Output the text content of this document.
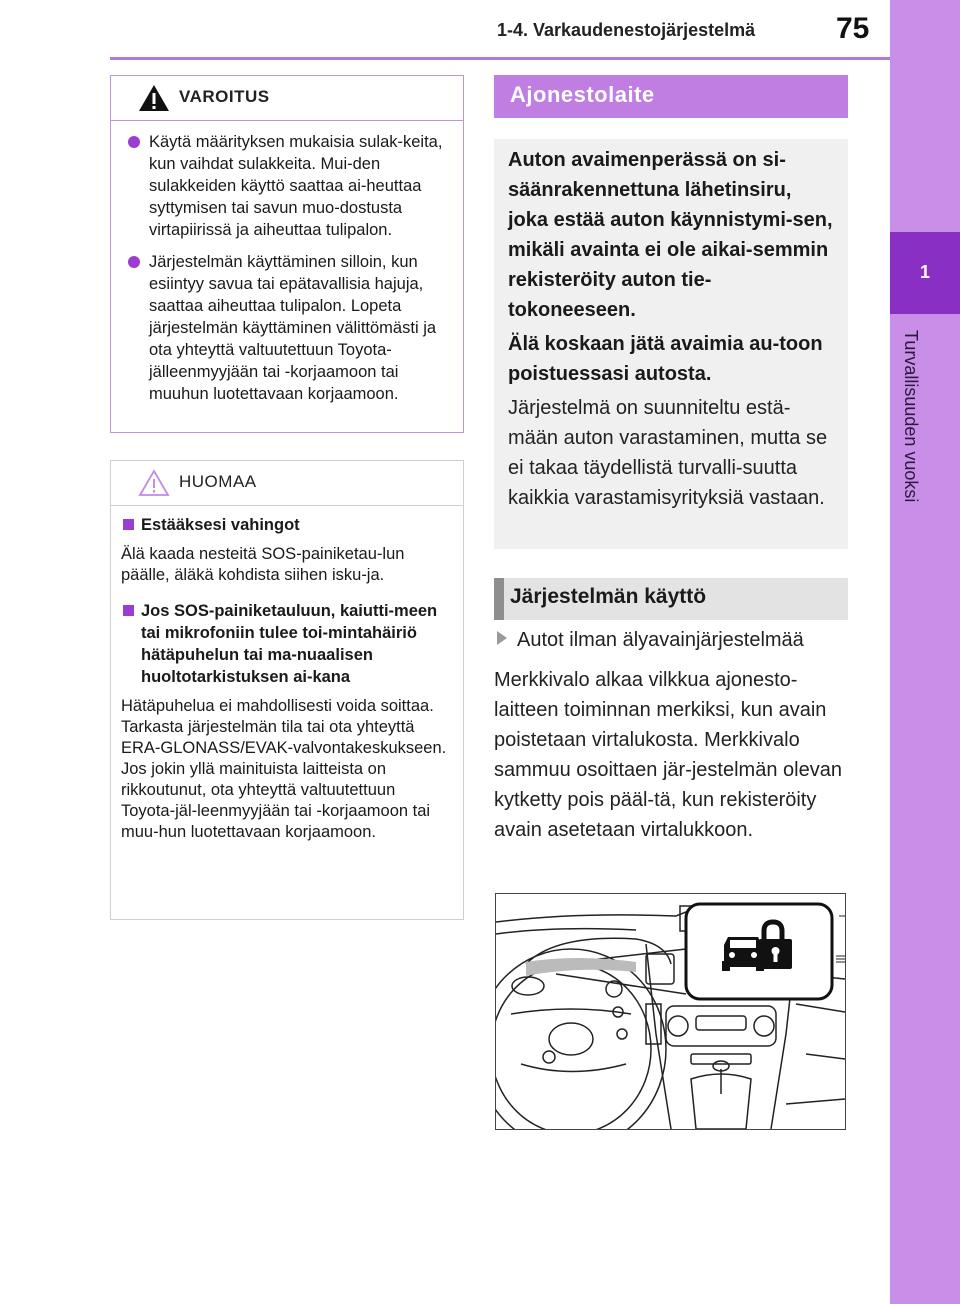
1-4. Varkaudenestojärjestelmä	75
1
Turvallisuuden vuoksi
VAROITUS
Käytä määrityksen mukaisia sulak-keita, kun vaihdat sulakkeita. Mui-den sulakkeiden käyttö saattaa ai-heuttaa syttymisen tai savun muo-dostusta virtapiirissä ja aiheuttaa tulipalon.
Järjestelmän käyttäminen silloin, kun esiintyy savua tai epätavallisia hajuja, saattaa aiheuttaa tulipalon. Lopeta järjestelmän käyttäminen välittömästi ja ota yhteyttä valtuutettuun Toyota-jälleenmyyjään tai -korjaamoon tai muuhun luotettavaan korjaamoon.
HUOMAA
Estääksesi vahingot
Älä kaada nesteitä SOS-painiketau-lun päälle, äläkä kohdista siihen isku-ja.
Jos SOS-painiketauluun, kaiutti-meen tai mikrofoniin tulee toi-mintahäiriö hätäpuhelun tai ma-nuaalisen huoltotarkistuksen ai-kana
Hätäpuhelua ei mahdollisesti voida soittaa. Tarkasta järjestelmän tila tai ota yhteyttä ERA-GLONASS/EVAK-valvontakeskukseen. Jos jokin yllä mainituista laitteista on rikkoutunut, ota yhteyttä valtuutettuun Toyota-jäl-leenmyyjään tai -korjaamoon tai muu-hun luotettavaan korjaamoon.
Ajonestolaite
Auton avaimenperässä on si-säänrakennettuna lähetinsiru, joka estää auton käynnistymi-sen, mikäli avainta ei ole aikai-semmin rekisteröity auton tie-tokoneeseen.
Älä koskaan jätä avaimia au-toon poistuessasi autosta.
Järjestelmä on suunniteltu estä-mään auton varastaminen, mutta se ei takaa täydellistä turvalli-suutta kaikkia varastamisyrityksiä vastaan.
Järjestelmän käyttö
Autot ilman älyavainjärjestelmää
Merkkivalo alkaa vilkkua ajonesto-laitteen toiminnan merkiksi, kun avain poistetaan virtalukosta. Merkkivalo sammuu osoittaen jär-jestelmän olevan kytketty pois pääl-tä, kun rekisteröity avain asetetaan virtalukkoon.
